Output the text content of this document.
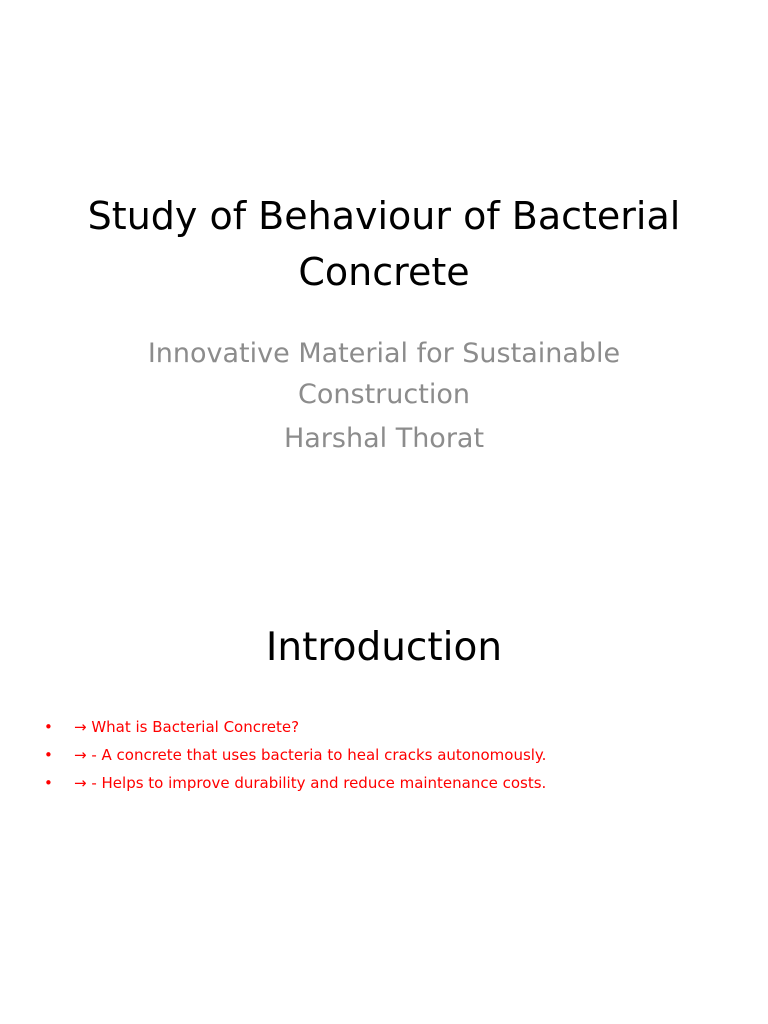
Study of Behaviour of Bacterial Concrete

Innovative Material for Sustainable Construction

Harshal Thorat

Introduction
•	→ What is Bacterial Concrete?
•	→ - A concrete that uses bacteria to heal cracks autonomously.
•	→ - Helps to improve durability and reduce maintenance costs.
